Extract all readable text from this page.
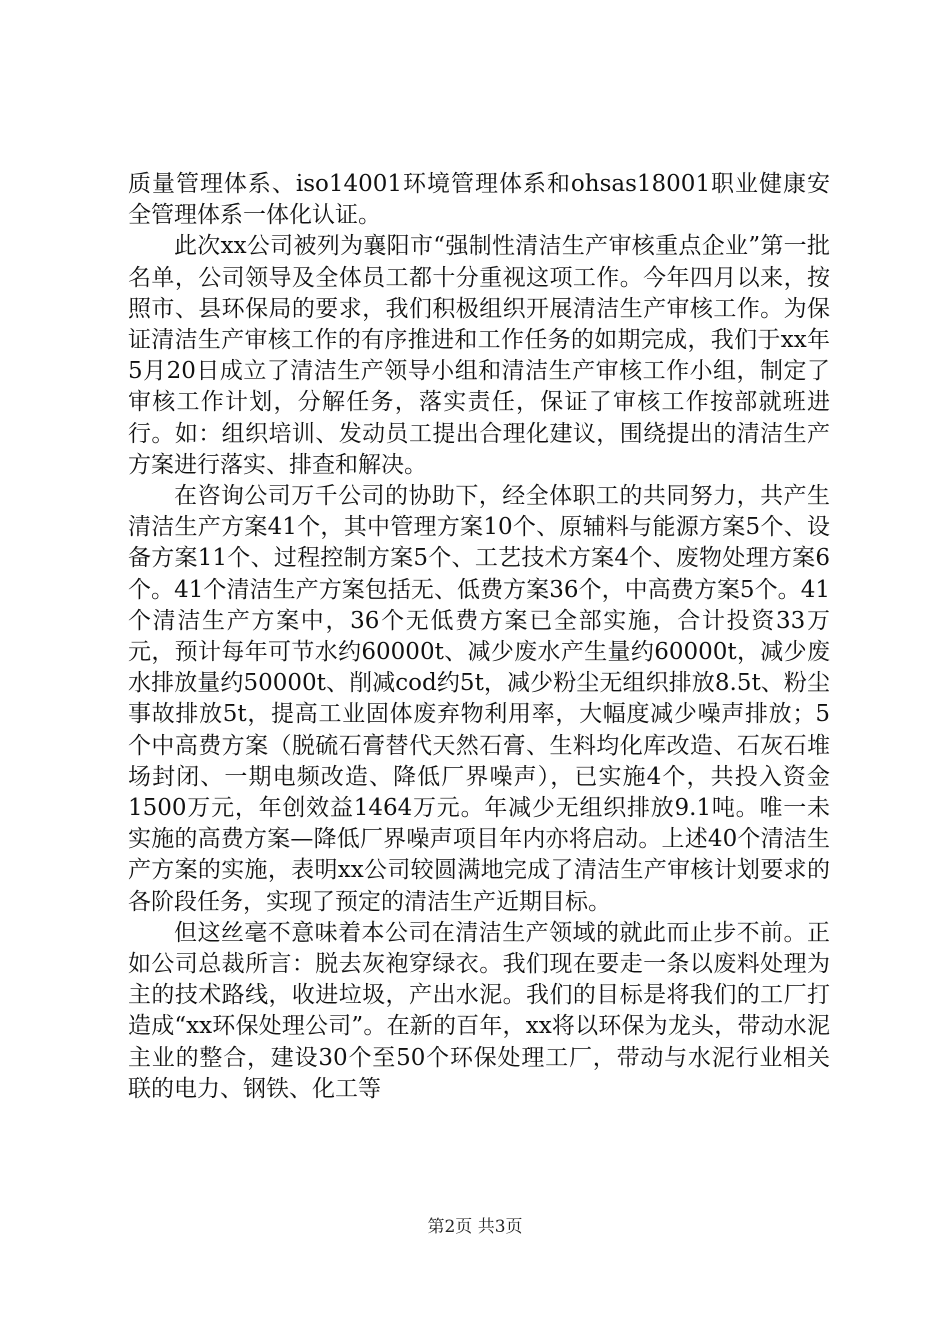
质量管理体系、iso14001环境管理体系和ohsas18001职业健康安全管理体系一体化认证。

此次xx公司被列为襄阳市“强制性清洁生产审核重点企业”第一批名单，公司领导及全体员工都十分重视这项工作。今年四月以来，按照市、县环保局的要求，我们积极组织开展清洁生产审核工作。为保证清洁生产审核工作的有序推进和工作任务的如期完成，我们于xx年5月20日成立了清洁生产领导小组和清洁生产审核工作小组，制定了审核工作计划，分解任务，落实责任，保证了审核工作按部就班进行。如：组织培训、发动员工提出合理化建议，围绕提出的清洁生产方案进行落实、排查和解决。

在咨询公司万千公司的协助下，经全体职工的共同努力，共产生清洁生产方案41个，其中管理方案10个、原辅料与能源方案5个、设备方案11个、过程控制方案5个、工艺技术方案4个、废物处理方案6个。41个清洁生产方案包括无、低费方案36个，中高费方案5个。41个清洁生产方案中，36个无低费方案已全部实施，合计投资33万元，预计每年可节水约60000t、减少废水产生量约60000t，减少废水排放量约50000t、削减cod约5t，减少粉尘无组织排放8.5t、粉尘事故排放5t，提高工业固体废弃物利用率，大幅度减少噪声排放；5个中高费方案（脱硫石膏替代天然石膏、生料均化库改造、石灰石堆场封闭、一期电频改造、降低厂界噪声），已实施4个，共投入资金1500万元，年创效益1464万元。年减少无组织排放9.1吨。唯一未实施的高费方案—降低厂界噪声项目年内亦将启动。上述40个清洁生产方案的实施，表明xx公司较圆满地完成了清洁生产审核计划要求的各阶段任务，实现了预定的清洁生产近期目标。

但这丝毫不意味着本公司在清洁生产领域的就此而止步不前。正如公司总裁所言：脱去灰袍穿绿衣。我们现在要走一条以废料处理为主的技术路线，收进垃圾，产出水泥。我们的目标是将我们的工厂打造成“xx环保处理公司”。在新的百年，xx将以环保为龙头，带动水泥主业的整合，建设30个至50个环保处理工厂，带动与水泥行业相关联的电力、钢铁、化工等

第2页 共3页
